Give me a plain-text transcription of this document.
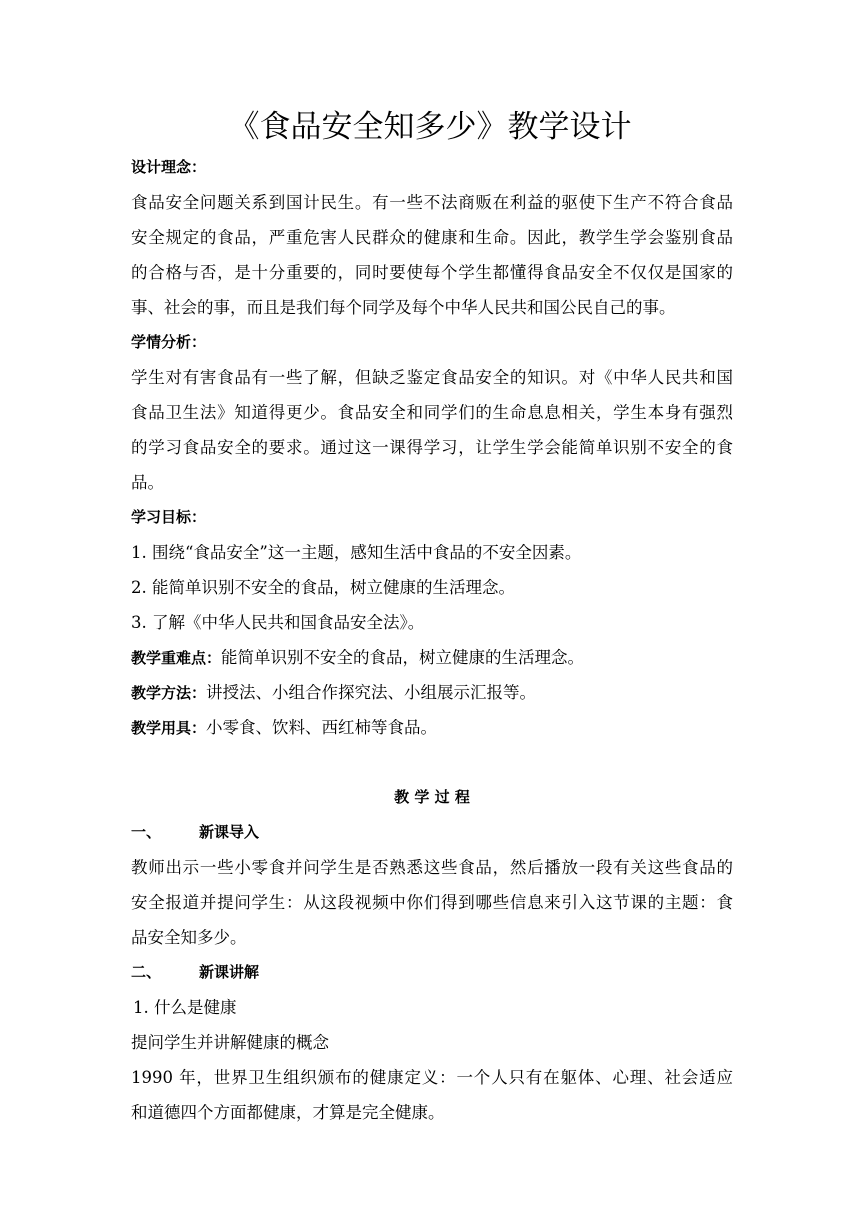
《食品安全知多少》教学设计

设计理念：

食品安全问题关系到国计民生。有一些不法商贩在利益的驱使下生产不符合食品

安全规定的食品，严重危害人民群众的健康和生命。因此，教学生学会鉴别食品

的合格与否，是十分重要的，同时要使每个学生都懂得食品安全不仅仅是国家的

事、社会的事，而且是我们每个同学及每个中华人民共和国公民自己的事。

学情分析：

学生对有害食品有一些了解，但缺乏鉴定食品安全的知识。对《中华人民共和国

食品卫生法》知道得更少。食品安全和同学们的生命息息相关，学生本身有强烈

的学习食品安全的要求。通过这一课得学习，让学生学会能简单识别不安全的食

品。

学习目标：

1. 围绕“食品安全”这一主题，感知生活中食品的不安全因素。

2. 能简单识别不安全的食品，树立健康的生活理念。

3. 了解《中华人民共和国食品安全法》。

教学重难点：能简单识别不安全的食品，树立健康的生活理念。

教学方法：讲授法、小组合作探究法、小组展示汇报等。

教学用具：小零食、饮料、西红柿等食品。

教 学 过 程

一、	新课导入

教师出示一些小零食并问学生是否熟悉这些食品，然后播放一段有关这些食品的

安全报道并提问学生：从这段视频中你们得到哪些信息来引入这节课的主题：食

品安全知多少。

二、	新课讲解

1. 什么是健康

提问学生并讲解健康的概念

1990 年，世界卫生组织颁布的健康定义：一个人只有在躯体、心理、社会适应

和道德四个方面都健康，才算是完全健康。
